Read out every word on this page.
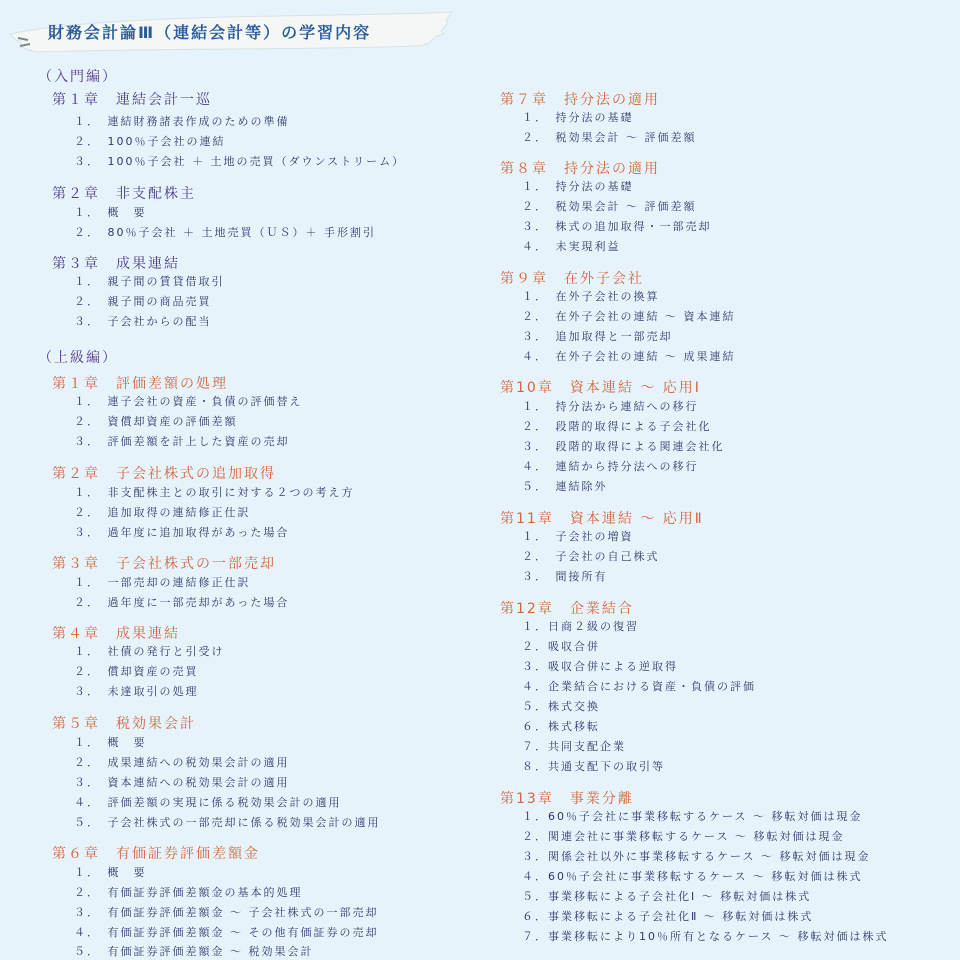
財務会計論Ⅲ（連結会計等）の学習内容
（入門編）
第１章　連結会計一巡
１．　連結財務諸表作成のための準備
２．　100％子会社の連結
３．　100％子会社 ＋ 土地の売買（ダウンストリーム）
第２章　非支配株主
１．　概　要
２．　80％子会社 ＋ 土地売買（ＵＳ）＋ 手形割引
第３章　成果連結
１．　親子間の賃貸借取引
２．　親子間の商品売買
３．　子会社からの配当
（上級編）
第１章　評価差額の処理
１．　連子会社の資産・負債の評価替え
２．　資償却資産の評価差額
３．　評価差額を計上した資産の売却
第２章　子会社株式の追加取得
１．　非支配株主との取引に対する２つの考え方
２．　追加取得の連結修正仕訳
３．　過年度に追加取得があった場合
第３章　子会社株式の一部売却
１．　一部売却の連結修正仕訳
２．　過年度に一部売却があった場合
第４章　成果連結
１．　社債の発行と引受け
２．　償却資産の売買
３．　未達取引の処理
第５章　税効果会計
１．　概　要
２．　成果連結への税効果会計の適用
３．　資本連結への税効果会計の適用
４．　評価差額の実現に係る税効果会計の適用
５．　子会社株式の一部売却に係る税効果会計の適用
第６章　有価証券評価差額金
１．　概　要
２．　有価証券評価差額金の基本的処理
３．　有価証券評価差額金 ～ 子会社株式の一部売却
４．　有価証券評価差額金 ～ その他有価証券の売却
５．　有価証券評価差額金 ～ 税効果会計
第７章　持分法の適用
１．　持分法の基礎
２．　税効果会計 ～ 評価差額
第８章　持分法の適用
１．　持分法の基礎
２．　税効果会計 ～ 評価差額
３．　株式の追加取得・一部売却
４．　未実現利益
第９章　在外子会社
１．　在外子会社の換算
２．　在外子会社の連結 ～ 資本連結
３．　追加取得と一部売却
４．　在外子会社の連結 ～ 成果連結
第10章　資本連結 ～ 応用Ⅰ
１．　持分法から連結への移行
２．　段階的取得による子会社化
３．　段階的取得による関連会社化
４．　連結から持分法への移行
５．　連結除外
第11章　資本連結 ～ 応用Ⅱ
１．　子会社の増資
２．　子会社の自己株式
３．　間接所有
第12章　企業結合
１．日商２級の復習
２．吸収合併
３．吸収合併による逆取得
４．企業結合における資産・負債の評価
５．株式交換
６．株式移転
７．共同支配企業
８．共通支配下の取引等
第13章　事業分離
１．60％子会社に事業移転するケース ～ 移転対価は現金
２．関連会社に事業移転するケース ～ 移転対価は現金
３．関係会社以外に事業移転するケース ～ 移転対価は現金
４．60％子会社に事業移転するケース ～ 移転対価は株式
５．事業移転による子会社化Ⅰ ～ 移転対価は株式
６．事業移転による子会社化Ⅱ ～ 移転対価は株式
７．事業移転により10％所有となるケース ～ 移転対価は株式
